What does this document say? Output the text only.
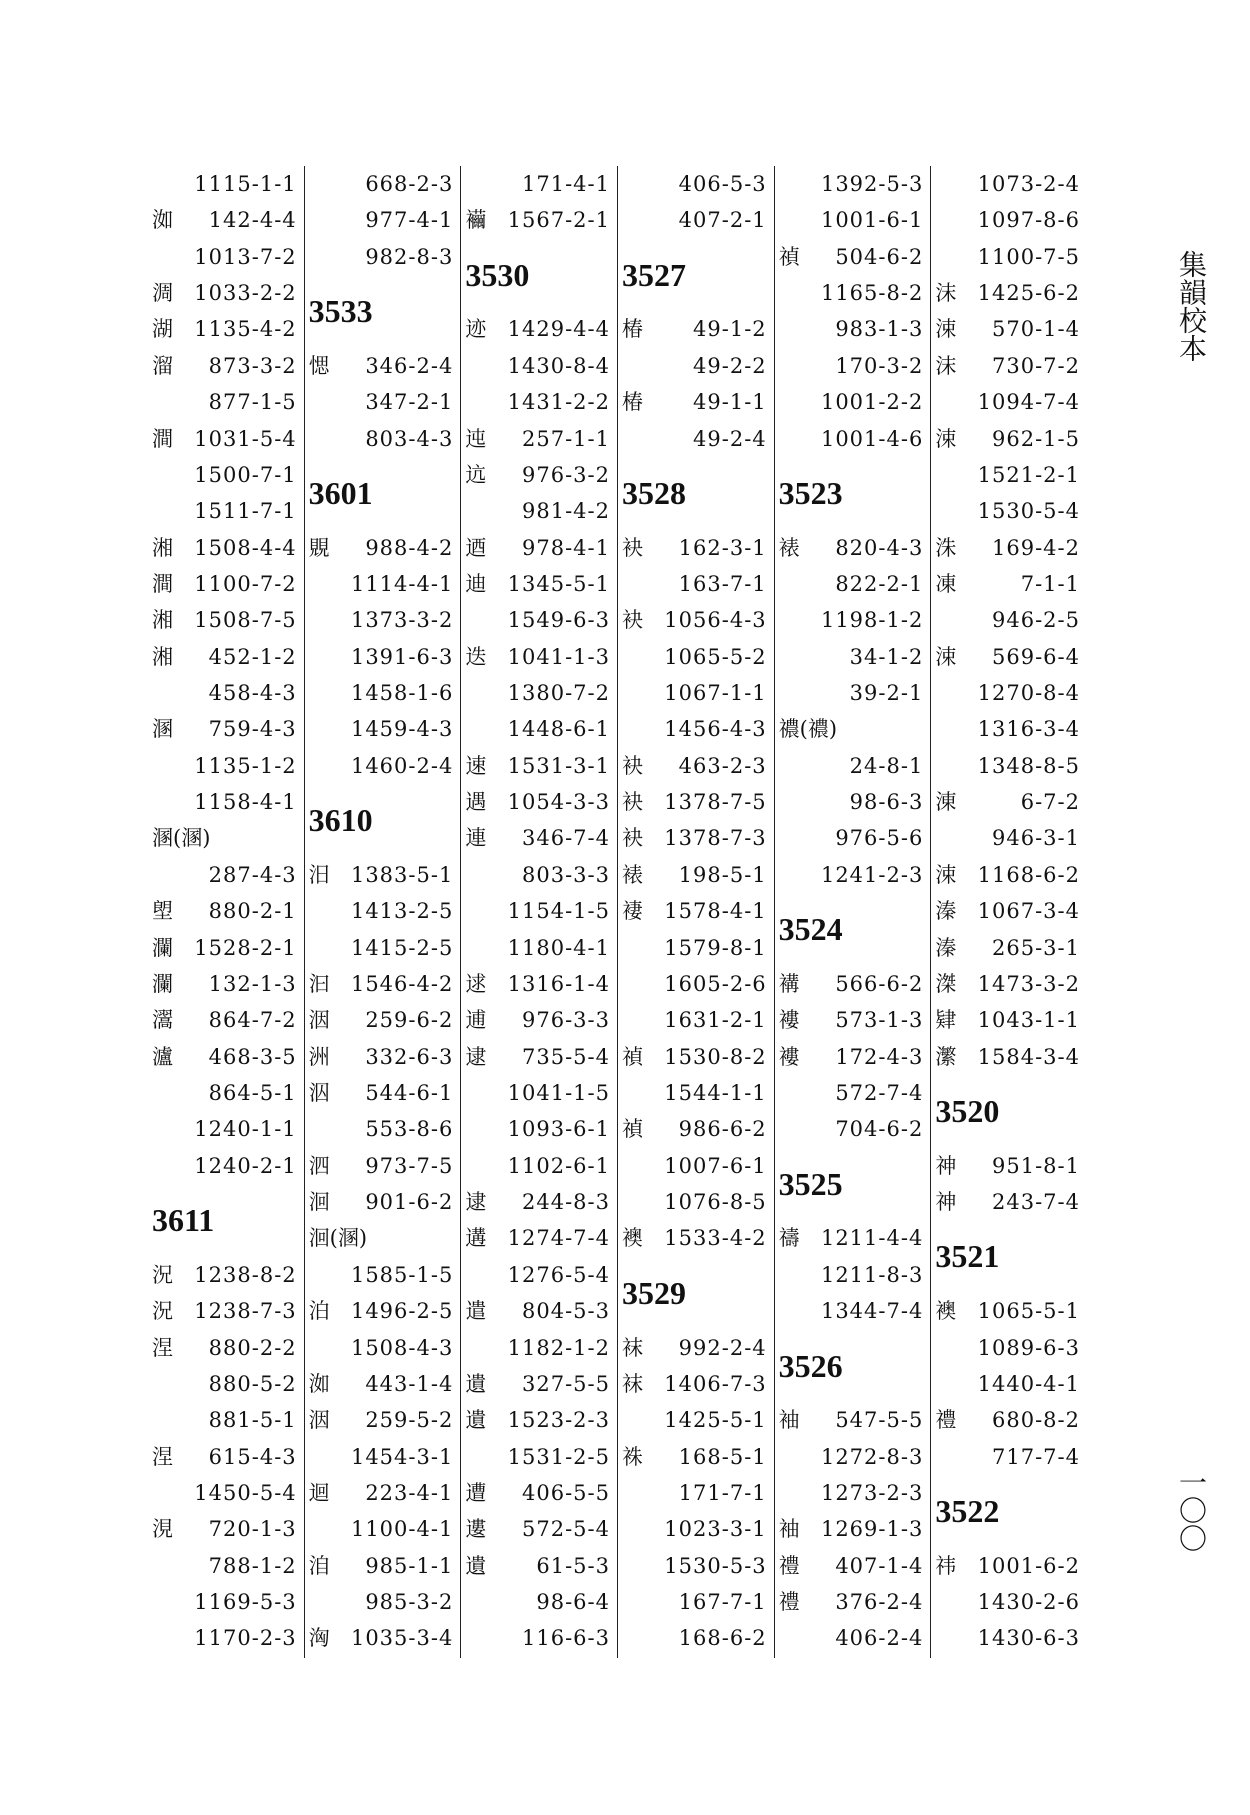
1115-1-1
洳 142-4-4
1013-7-2
淍 1033-2-2
湖 1135-4-2
溜 873-3-2
877-1-5
澗 1031-5-4
1500-7-1
1511-7-1
湘 1508-4-4
澗 1100-7-2
湘 1508-7-5
湘 452-1-2
458-4-3
溷 759-4-3
1135-1-2
1158-4-1
溷(溷)
287-4-3
塱 880-2-1
瀾 1528-2-1
瀾 132-1-3
瀥 864-7-2
瀘 468-3-5
864-5-1
1240-1-1
1240-2-1
3611
況 1238-8-2
況 1238-7-3
涅 880-2-2
880-5-2
881-5-1
涅 615-4-3
1450-5-4
涀 720-1-3
788-1-2
1169-5-3
1170-2-3
668-2-3
977-4-1
982-8-3
3533
愢 346-2-4
347-2-1
803-4-3
3601
覞 988-4-2
1114-4-1
1373-3-2
1391-6-3
1458-1-6
1459-4-3
1460-2-4
3610
汨 1383-5-1
1413-2-5
1415-2-5
汩 1546-4-2
洇 259-6-2
洲 332-6-3
泅 544-6-1
553-8-6
泗 973-7-5
洄 901-6-2
洄(溷)
1585-1-5
泊 1496-2-5
1508-4-3
洳 443-1-4
洇 259-5-2
1454-3-1
迴 223-4-1
1100-4-1
洎 985-1-1
985-3-2
洶 1035-3-4
171-4-1
襺 1567-2-1
3530
迹 1429-4-4
1430-8-4
1431-2-2
迍 257-1-1
迒 976-3-2
981-4-2
迺 978-4-1
迪 1345-5-1
1549-6-3
迭 1041-1-3
1380-7-2
1448-6-1
速 1531-3-1
遇 1054-3-3
連 346-7-4
803-3-3
1154-1-5
1180-4-1
逑 1316-1-4
逋 976-3-3
逮 735-5-4
1041-1-5
1093-6-1
1102-6-1
逮 244-8-3
遘 1274-7-4
1276-5-4
遣 804-5-3
1182-1-2
遺 327-5-5
遺 1523-2-3
1531-2-5
遭 406-5-5
遱 572-5-4
遺 61-5-3
98-6-4
116-6-3
406-5-3
407-2-1
3527
椿 49-1-2
49-2-2
椿 49-1-1
49-2-4
3528
袂 162-3-1
163-7-1
袂 1056-4-3
1065-5-2
1067-1-1
1456-4-3
袂 463-2-3
袂 1378-7-5
袂 1378-7-3
裱 198-5-1
褄 1578-4-1
1579-8-1
1605-2-6
1631-2-1
禎 1530-8-2
1544-1-1
禎 986-6-2
1007-6-1
1076-8-5
襖 1533-4-2
3529
袜 992-2-4
袜 1406-7-3
1425-5-1
袾 168-5-1
171-7-1
1023-3-1
1530-5-3
167-7-1
168-6-2
1392-5-3
1001-6-1
禎 504-6-2
1165-8-2
983-1-3
170-3-2
1001-2-2
1001-4-6
3523
裱 820-4-3
822-2-1
1198-1-2
34-1-2
39-2-1
禯(禯)
24-8-1
98-6-3
976-5-6
1241-2-3
3524
褠 566-6-2
褸 573-1-3
褸 172-4-3
572-7-4
704-6-2
3525
禱 1211-4-4
1211-8-3
1344-7-4
3526
袖 547-5-5
1272-8-3
1273-2-3
袖 1269-1-3
禮 407-1-4
禮 376-2-4
406-2-4
1073-2-4
1097-8-6
1100-7-5
沫 1425-6-2
涑 570-1-4
沫 730-7-2
1094-7-4
涑 962-1-5
1521-2-1
1530-5-4
洙 169-4-2
凍	7-1-1
946-2-5
涑 569-6-4
1270-8-4
1316-3-4
1348-8-5
涷	6-7-2
946-3-1
涑 1168-6-2
溱 1067-3-4
溱 265-3-1
滐 1473-3-2
肄 1043-1-1
瀿 1584-3-4
3520
神 951-8-1
神 243-7-4
3521
襖 1065-5-1
1089-6-3
1440-4-1
禮 680-8-2
717-7-4
3522
祎 1001-6-2
1430-2-6
1430-6-3
集韻校本
一〇〇
